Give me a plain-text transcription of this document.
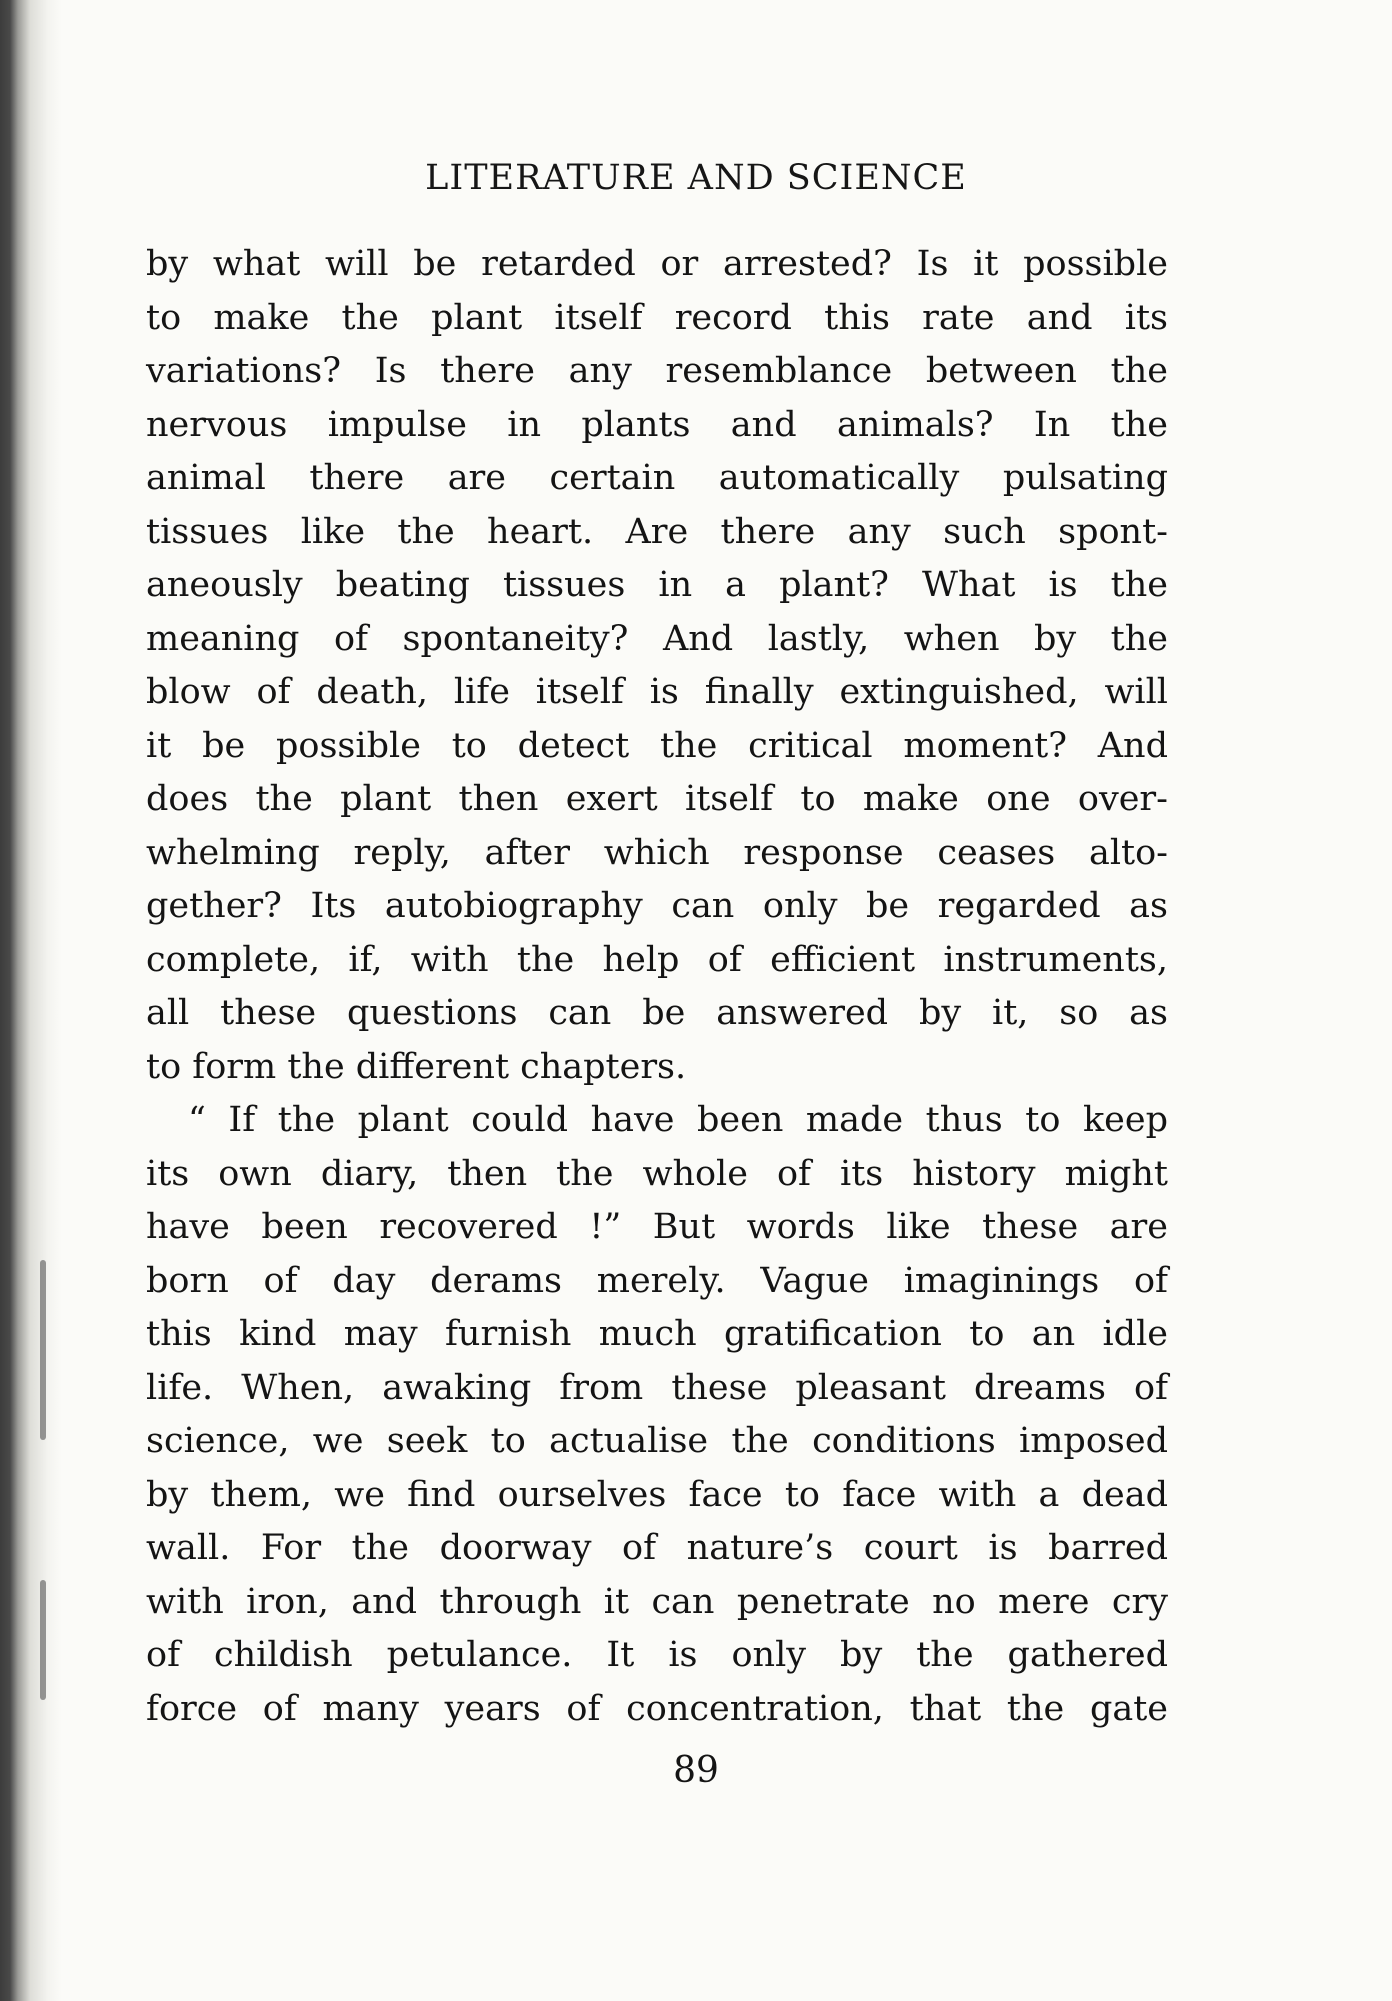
LITERATURE AND SCIENCE
by what will be retarded or arrested? Is it possible
to make the plant itself record this rate and its
variations? Is there any resemblance between the
nervous impulse in plants and animals? In the
animal there are certain automatically pulsating
tissues like the heart. Are there any such spont-
aneously beating tissues in a plant? What is the
meaning of spontaneity? And lastly, when by the
blow of death, life itself is finally extinguished, will
it be possible to detect the critical moment? And
does the plant then exert itself to make one over-
whelming reply, after which response ceases alto-
gether? Its autobiography can only be regarded as
complete, if, with the help of efficient instruments,
all these questions can be answered by it, so as
to form the different chapters.
“ If the plant could have been made thus to keep
its own diary, then the whole of its history might
have been recovered !” But words like these are
born of day derams merely. Vague imaginings of
this kind may furnish much gratification to an idle
life. When, awaking from these pleasant dreams of
science, we seek to actualise the conditions imposed
by them, we find ourselves face to face with a dead
wall. For the doorway of nature’s court is barred
with iron, and through it can penetrate no mere cry
of childish petulance. It is only by the gathered
force of many years of concentration, that the gate
89
